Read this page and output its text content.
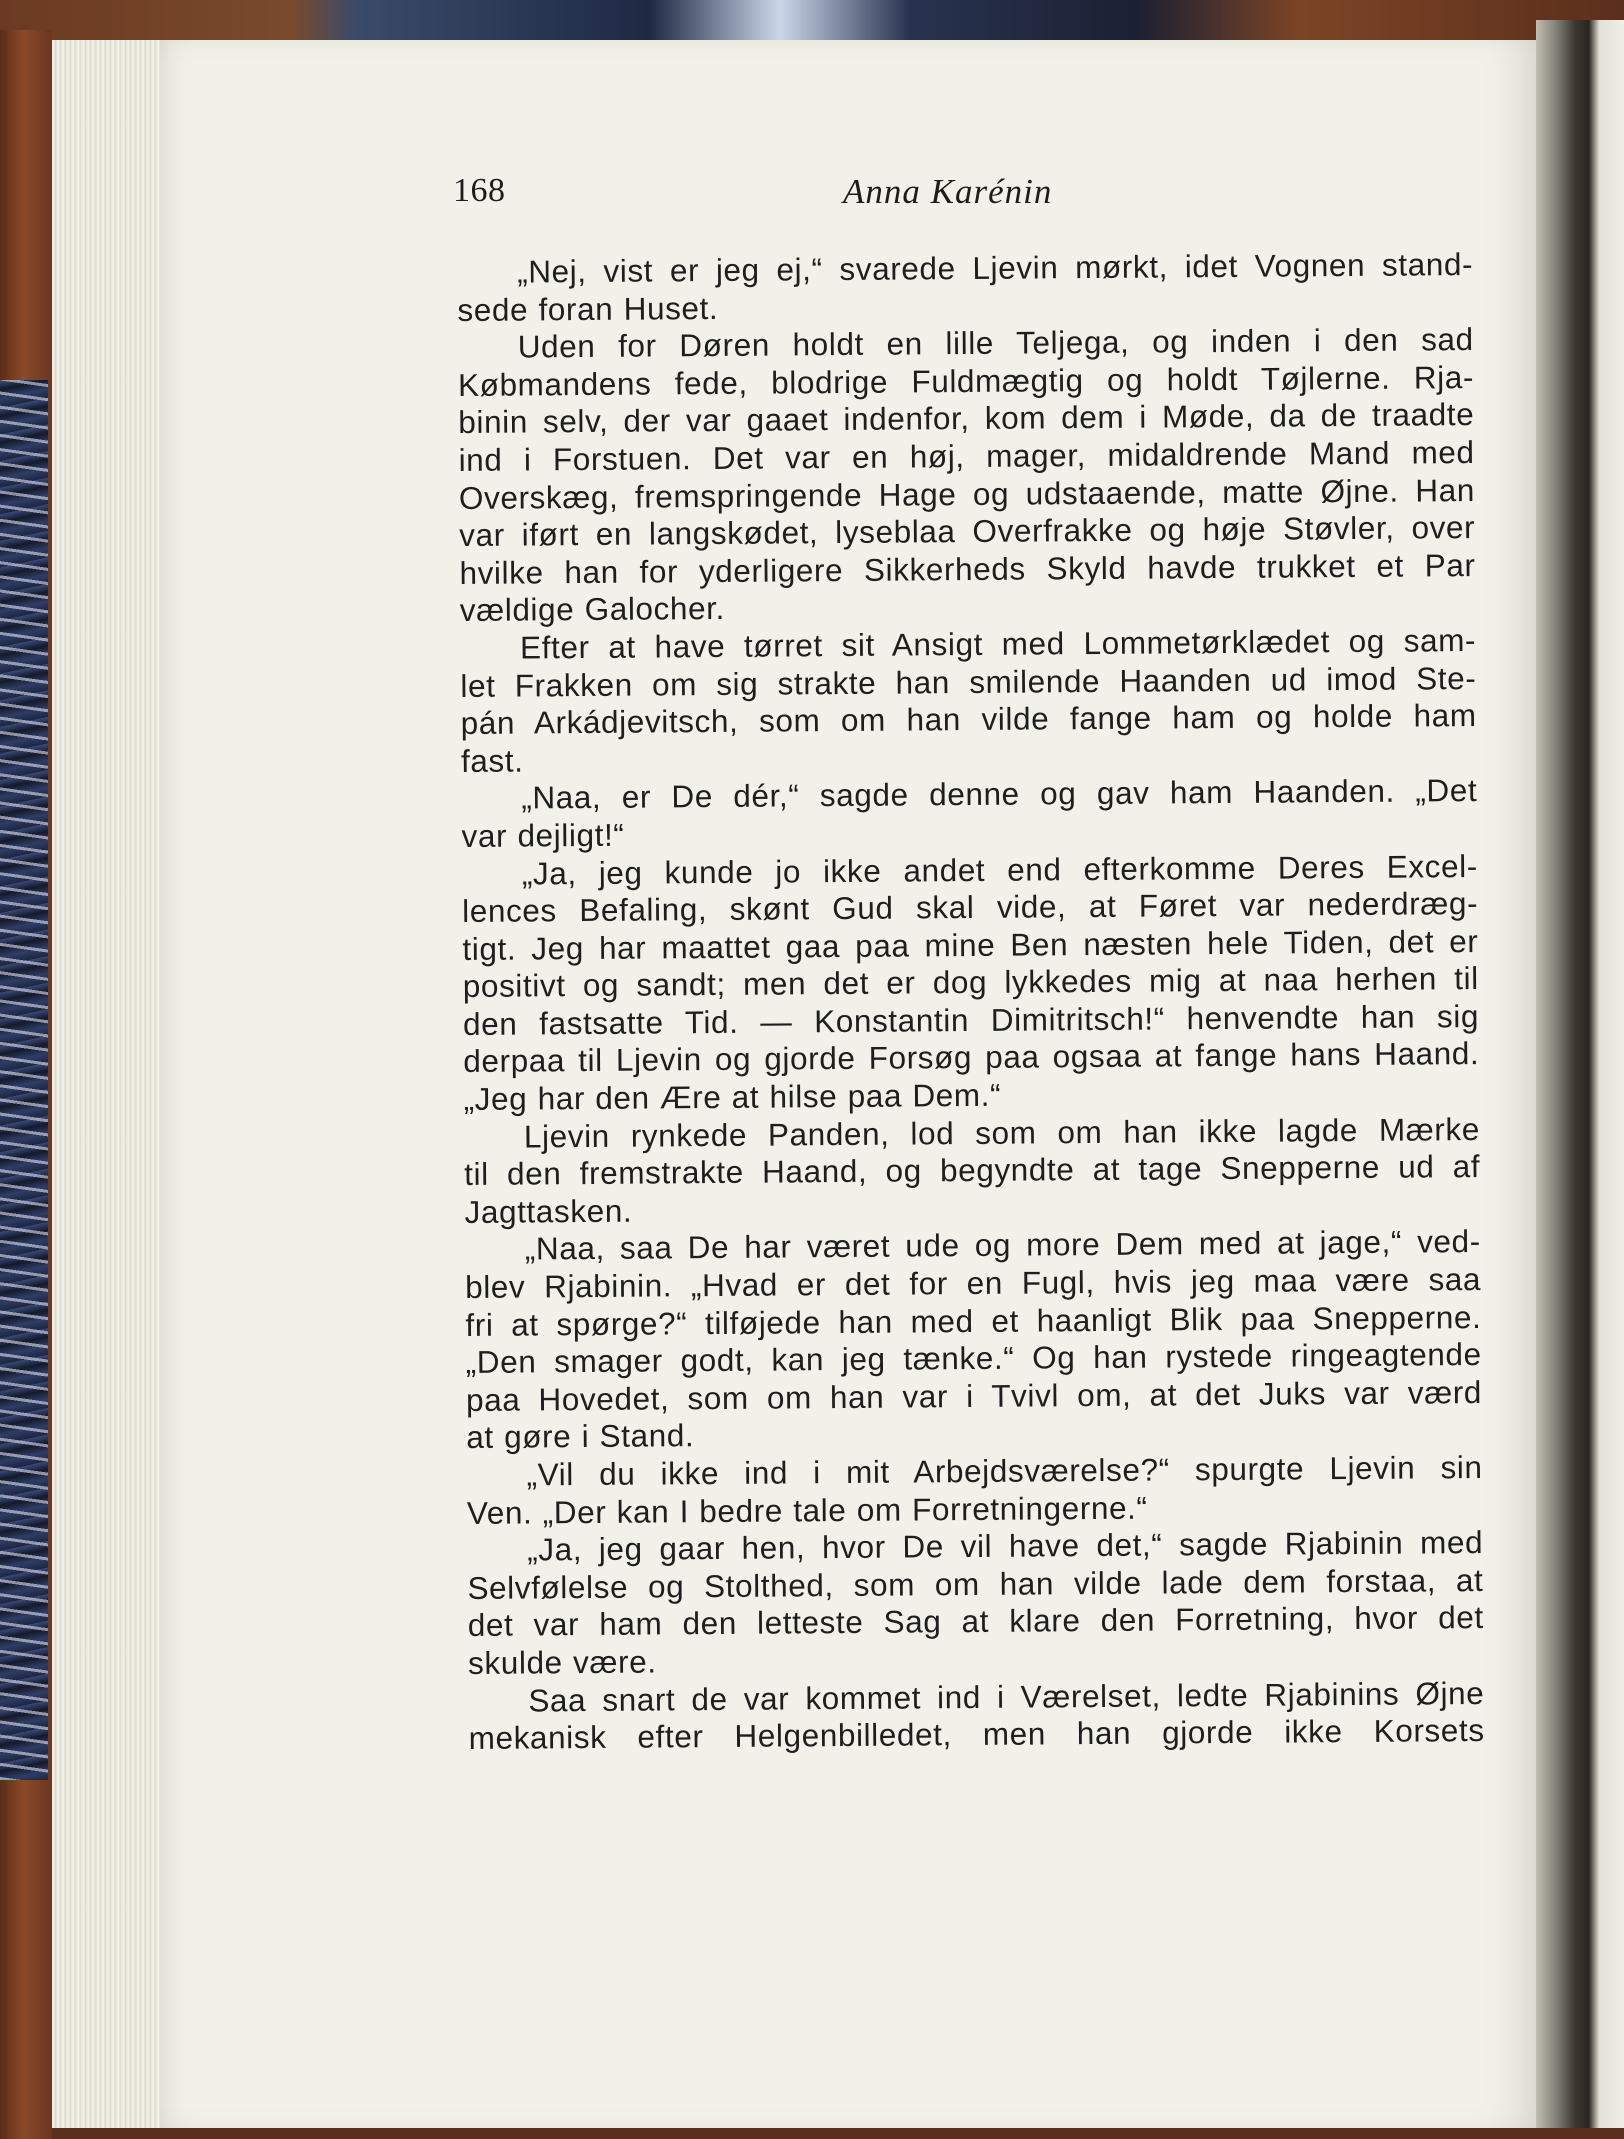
168	Anna Karénin
„Nej, vist er jeg ej,“ svarede Ljevin mørkt, idet Vognen stand-
sede foran Huset.
Uden for Døren holdt en lille Teljega, og inden i den sad
Købmandens fede, blodrige Fuldmægtig og holdt Tøjlerne. Rja-
binin selv, der var gaaet indenfor, kom dem i Møde, da de traadte
ind i Forstuen. Det var en høj, mager, midaldrende Mand med
Overskæg, fremspringende Hage og udstaaende, matte Øjne. Han
var iført en langskødet, lyseblaa Overfrakke og høje Støvler, over
hvilke han for yderligere Sikkerheds Skyld havde trukket et Par
vældige Galocher.
Efter at have tørret sit Ansigt med Lommetørklædet og sam-
let Frakken om sig strakte han smilende Haanden ud imod Ste-
pán Arkádjevitsch, som om han vilde fange ham og holde ham
fast.
„Naa, er De dér,“ sagde denne og gav ham Haanden. „Det
var dejligt!“
„Ja, jeg kunde jo ikke andet end efterkomme Deres Excel-
lences Befaling, skønt Gud skal vide, at Føret var nederdræg-
tigt. Jeg har maattet gaa paa mine Ben næsten hele Tiden, det er
positivt og sandt; men det er dog lykkedes mig at naa herhen til
den fastsatte Tid. — Konstantin Dimitritsch!“ henvendte han sig
derpaa til Ljevin og gjorde Forsøg paa ogsaa at fange hans Haand.
„Jeg har den Ære at hilse paa Dem.“
Ljevin rynkede Panden, lod som om han ikke lagde Mærke
til den fremstrakte Haand, og begyndte at tage Snepperne ud af
Jagttasken.
„Naa, saa De har været ude og more Dem med at jage,“ ved-
blev Rjabinin. „Hvad er det for en Fugl, hvis jeg maa være saa
fri at spørge?“ tilføjede han med et haanligt Blik paa Snepperne.
„Den smager godt, kan jeg tænke.“ Og han rystede ringeagtende
paa Hovedet, som om han var i Tvivl om, at det Juks var værd
at gøre i Stand.
„Vil du ikke ind i mit Arbejdsværelse?“ spurgte Ljevin sin
Ven. „Der kan I bedre tale om Forretningerne.“
„Ja, jeg gaar hen, hvor De vil have det,“ sagde Rjabinin med
Selvfølelse og Stolthed, som om han vilde lade dem forstaa, at
det var ham den letteste Sag at klare den Forretning, hvor det
skulde være.
Saa snart de var kommet ind i Værelset, ledte Rjabinins Øjne
mekanisk efter Helgenbilledet, men han gjorde ikke Korsets
